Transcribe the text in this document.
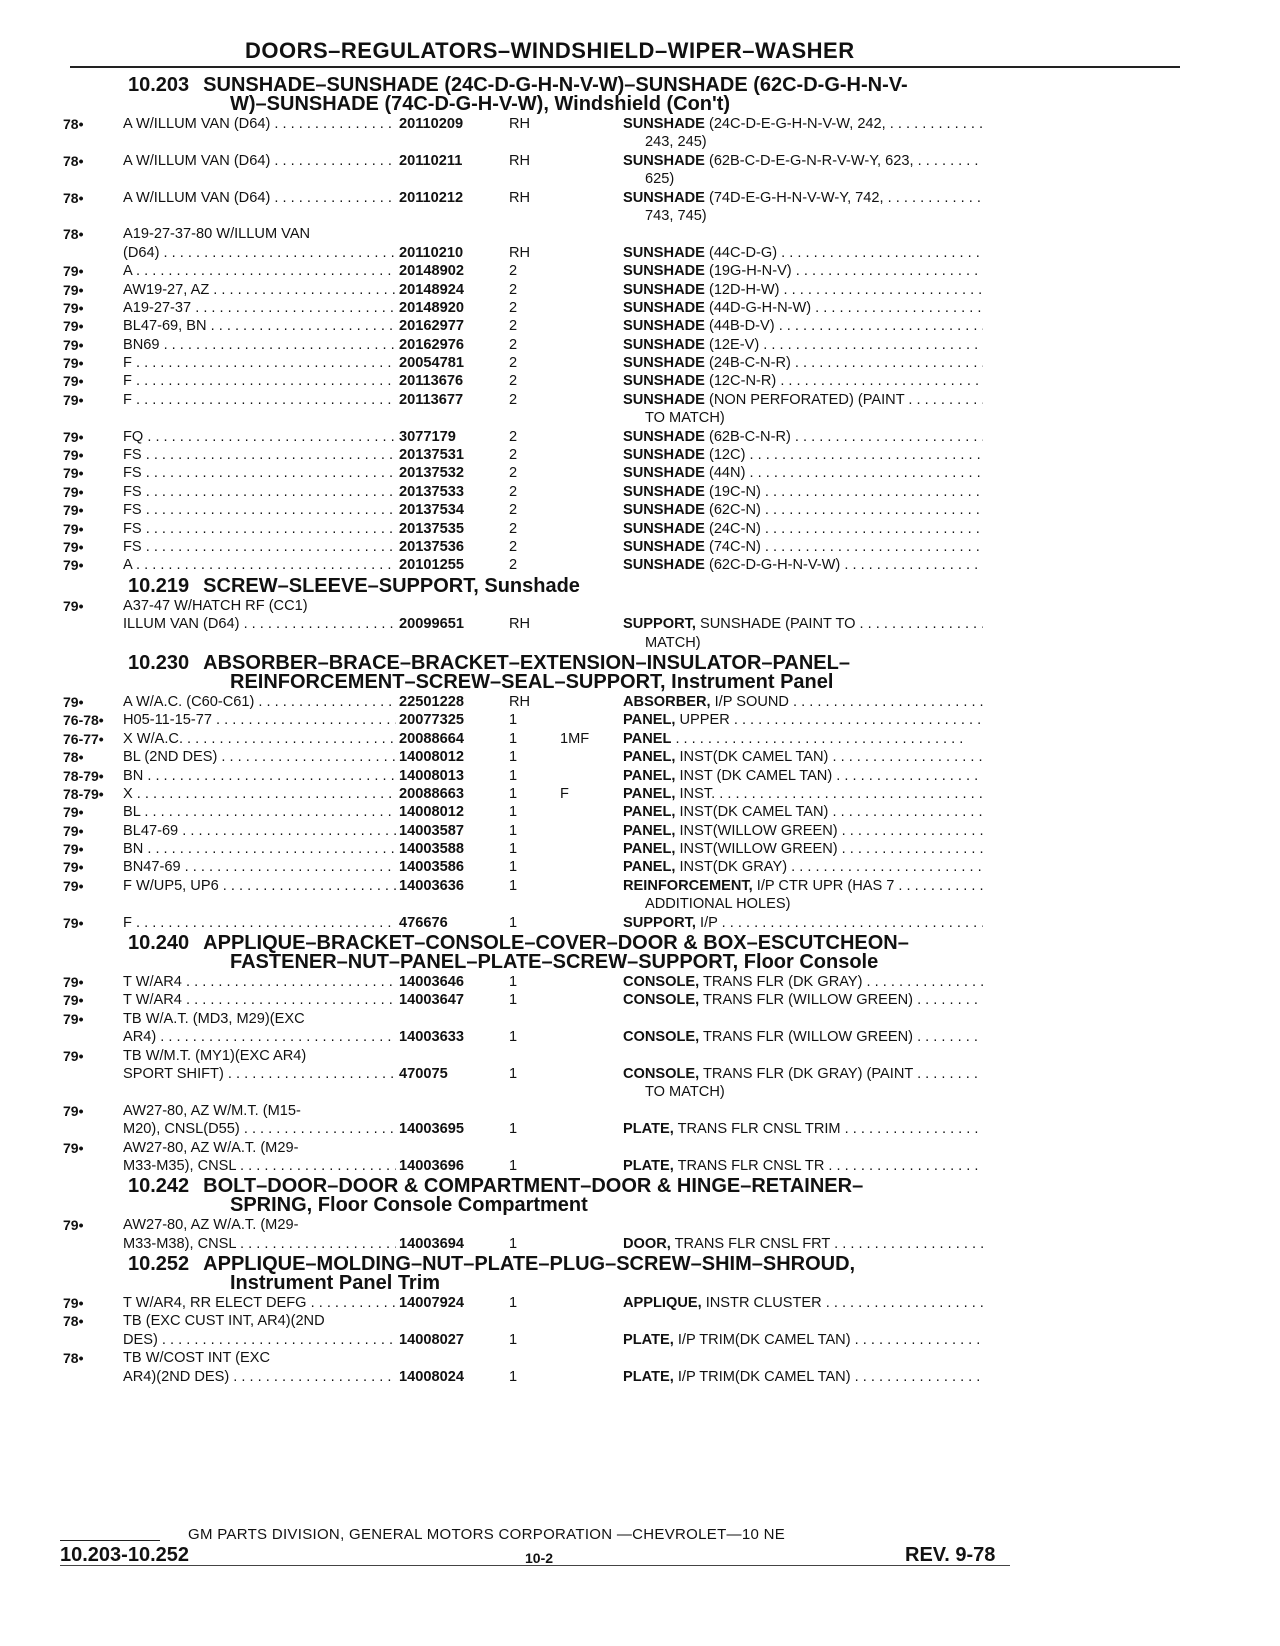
DOORS–REGULATORS–WINDSHIELD–WIPER–WASHER
10.203 SUNSHADE–SUNSHADE (24C-D-G-H-N-V-W)–SUNSHADE (62C-D-G-H-N-V-
W)–SUNSHADE (74C-D-G-H-V-W), Windshield (Con't)
78•	A W/ILLUM VAN (D64) . . .	20110209	RH	SUNSHADE (24C-D-E-G-H-N-V-W, 242, . . .
243, 245)
78•	A W/ILLUM VAN (D64) . . .	20110211	RH	SUNSHADE (62B-C-D-E-G-N-R-V-W-Y, 623, . . .
625)
78•	A W/ILLUM VAN (D64) . . .	20110212	RH	SUNSHADE (74D-E-G-H-N-V-W-Y, 742, . . .
743, 745)
78•	A19-27-37-80 W/ILLUM VAN
(D64) . . .	20110210	RH	SUNSHADE (44C-D-G) . . .
79•	A . . .	20148902	2	SUNSHADE (19G-H-N-V) . . .
79•	AW19-27, AZ . . .	20148924	2	SUNSHADE (12D-H-W) . . .
79•	A19-27-37 . . .	20148920	2	SUNSHADE (44D-G-H-N-W) . . .
79•	BL47-69, BN . . .	20162977	2	SUNSHADE (44B-D-V) . . .
79•	BN69 . . .	20162976	2	SUNSHADE (12E-V) . . .
79•	F . . .	20054781	2	SUNSHADE (24B-C-N-R) . . .
79•	F . . .	20113676	2	SUNSHADE (12C-N-R) . . .
79•	F . . .	20113677	2	SUNSHADE (NON PERFORATED) (PAINT . . .
TO MATCH)
79•	FQ . . .	3077179	2	SUNSHADE (62B-C-N-R) . . .
79•	FS . . .	20137531	2	SUNSHADE (12C) . . .
79•	FS . . .	20137532	2	SUNSHADE (44N) . . .
79•	FS . . .	20137533	2	SUNSHADE (19C-N) . . .
79•	FS . . .	20137534	2	SUNSHADE (62C-N) . . .
79•	FS . . .	20137535	2	SUNSHADE (24C-N) . . .
79•	FS . . .	20137536	2	SUNSHADE (74C-N) . . .
79•	A . . .	20101255	2	SUNSHADE (62C-D-G-H-N-V-W) . . .
10.219 SCREW–SLEEVE–SUPPORT, Sunshade
79•	A37-47 W/HATCH RF (CC1)
ILLUM VAN (D64) . . .	20099651	RH	SUPPORT, SUNSHADE (PAINT TO . . .
MATCH)
10.230 ABSORBER–BRACE–BRACKET–EXTENSION–INSULATOR–PANEL–
REINFORCEMENT–SCREW–SEAL–SUPPORT, Instrument Panel
79•	A W/A.C. (C60-C61) . . .	22501228	RH	ABSORBER, I/P SOUND . . .
76-78•	H05-11-15-77 . . .	20077325	1	PANEL, UPPER . . .
76-77•	X W/A.C. . . .	20088664	1	1MF	PANEL . . .
78•	BL (2ND DES) . . .	14008012	1	PANEL, INST(DK CAMEL TAN) . . .
78-79•	BN . . .	14008013	1	PANEL, INST (DK CAMEL TAN) . . .
78-79•	X . . .	20088663	1	F	PANEL, INST. . . .
79•	BL . . .	14008012	1	PANEL, INST(DK CAMEL TAN) . . .
79•	BL47-69 . . .	14003587	1	PANEL, INST(WILLOW GREEN) . . .
79•	BN . . .	14003588	1	PANEL, INST(WILLOW GREEN) . . .
79•	BN47-69 . . .	14003586	1	PANEL, INST(DK GRAY) . . .
79•	F W/UP5, UP6 . . .	14003636	1	REINFORCEMENT, I/P CTR UPR (HAS 7 . . .
ADDITIONAL HOLES)
79•	F . . .	476676	1	SUPPORT, I/P . . .
10.240 APPLIQUE–BRACKET–CONSOLE–COVER–DOOR & BOX–ESCUTCHEON–
FASTENER–NUT–PANEL–PLATE–SCREW–SUPPORT, Floor Console
79•	T W/AR4 . . .	14003646	1	CONSOLE, TRANS FLR (DK GRAY) . . .
79•	T W/AR4 . . .	14003647	1	CONSOLE, TRANS FLR (WILLOW GREEN) . . .
79•	TB W/A.T. (MD3, M29)(EXC
AR4) . . .	14003633	1	CONSOLE, TRANS FLR (WILLOW GREEN) . . .
79•	TB W/M.T. (MY1)(EXC AR4)
SPORT SHIFT) . . .	470075	1	CONSOLE, TRANS FLR (DK GRAY) (PAINT . . .
TO MATCH)
79•	AW27-80, AZ W/M.T. (M15-
M20), CNSL(D55) . . .	14003695	1	PLATE, TRANS FLR CNSL TRIM . . .
79•	AW27-80, AZ W/A.T. (M29-
M33-M35), CNSL . . .	14003696	1	PLATE, TRANS FLR CNSL TR . . .
10.242 BOLT–DOOR–DOOR & COMPARTMENT–DOOR & HINGE–RETAINER–
SPRING, Floor Console Compartment
79•	AW27-80, AZ W/A.T. (M29-
M33-M38), CNSL . . .	14003694	1	DOOR, TRANS FLR CNSL FRT . . .
10.252 APPLIQUE–MOLDING–NUT–PLATE–PLUG–SCREW–SHIM–SHROUD,
Instrument Panel Trim
79•	T W/AR4, RR ELECT DEFG . . .	14007924	1	APPLIQUE, INSTR CLUSTER . . .
78•	TB (EXC CUST INT, AR4)(2ND
DES) . . .	14008027	1	PLATE, I/P TRIM(DK CAMEL TAN) . . .
78•	TB W/COST INT (EXC
AR4)(2ND DES) . . .	14008024	1	PLATE, I/P TRIM(DK CAMEL TAN) . . .
GM PARTS DIVISION, GENERAL MOTORS CORPORATION —CHEVROLET—10 NE
10.203-10.252	10-2	REV. 9-78
